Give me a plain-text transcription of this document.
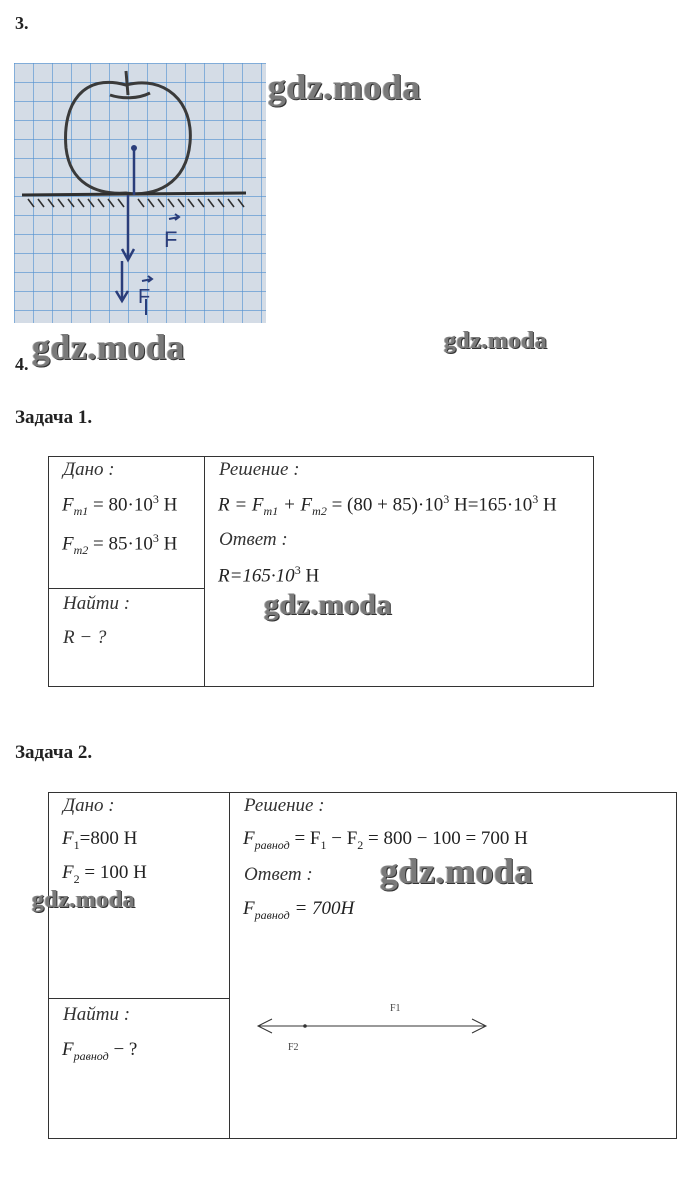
3.
F
F
gdz.moda
gdz.moda	gdz.moda
4.
Задача 1.
Дано :
$F_{m1} = 80\cdot 10^3$ H
$F_{m2} = 85\cdot 10^3$ H
Найти :
R − ?
Решение :
$R = F_{m1} + F_{m2} = (80 + 85)\cdot 10^3$ $H=165\cdot 10^3$ H
Ответ :
$R=165\cdot 10^3$ H
gdz.moda
Задача 2.
Дано :
$F_1=800$ H
$F_2 = 100$ H
gdz.moda
Найти :
$F_{равнод}$ − ?
Решение :
$F_{равнод} = F_1 - F_2 = 800 - 100 = 700$ H
Ответ :
$F_{равнод} = 700H$
gdz.moda
F1
F2
